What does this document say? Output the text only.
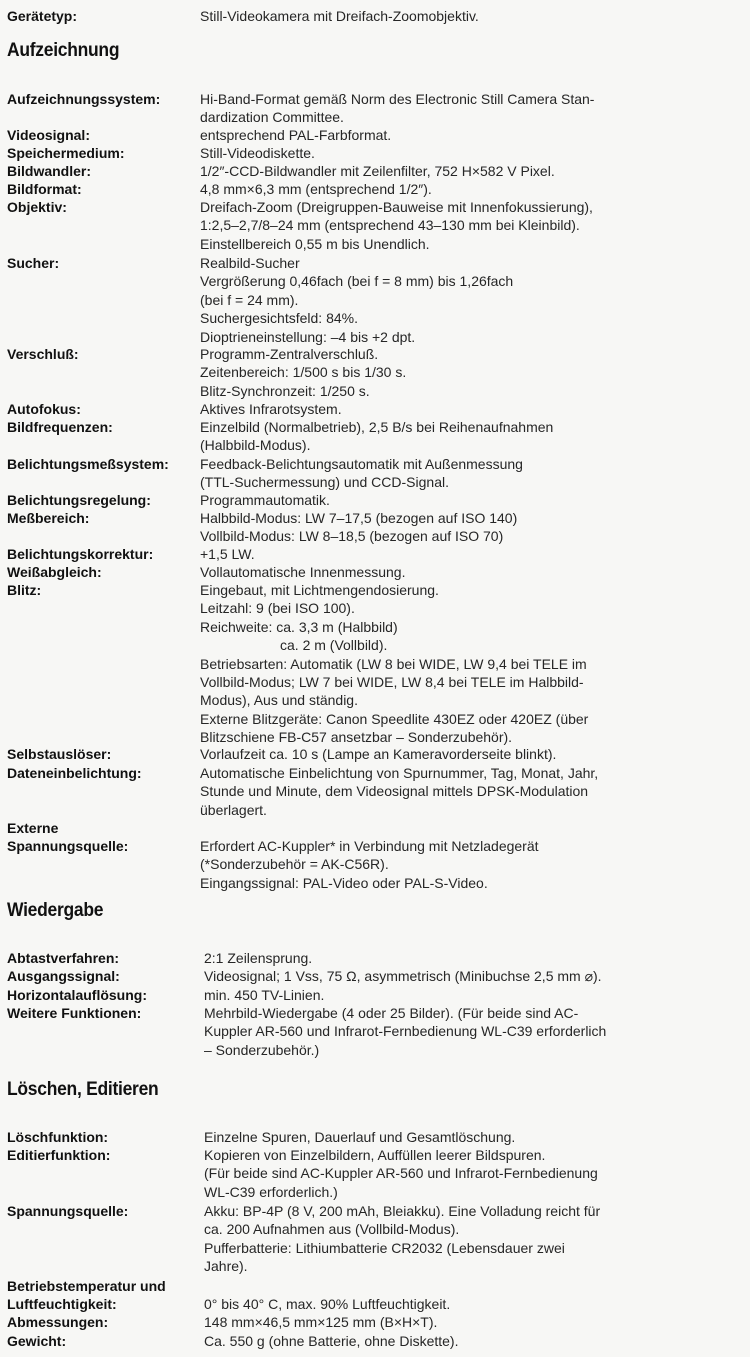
Gerätetyp:	Still-Videokamera mit Dreifach-Zoomobjektiv.
Aufzeichnung
Aufzeichnungssystem:	Hi-Band-Format gemäß Norm des Electronic Still Camera Stan-
dardization Committee.
Videosignal:	entsprechend PAL-Farbformat.
Speichermedium:	Still-Videodiskette.
Bildwandler:	1/2″-CCD-Bildwandler mit Zeilenfilter, 752 H×582 V Pixel.
Bildformat:	4,8 mm×6,3 mm (entsprechend 1/2″).
Objektiv:	Dreifach-Zoom (Dreigruppen-Bauweise mit Innenfokussierung),
1:2,5–2,7/8–24 mm (entsprechend 43–130 mm bei Kleinbild).
Einstellbereich 0,55 m bis Unendlich.
Sucher:	Realbild-Sucher
Vergrößerung 0,46fach (bei f = 8 mm) bis 1,26fach
(bei f = 24 mm).
Suchergesichtsfeld: 84%.
Dioptrieneinstellung: –4 bis +2 dpt.
Verschluß:	Programm-Zentralverschluß.
Zeitenbereich: 1/500 s bis 1/30 s.
Blitz-Synchronzeit: 1/250 s.
Autofokus:	Aktives Infrarotsystem.
Bildfrequenzen:	Einzelbild (Normalbetrieb), 2,5 B/s bei Reihenaufnahmen
(Halbbild-Modus).
Belichtungsmeßsystem: Feedback-Belichtungsautomatik mit Außenmessung
(TTL-Suchermessung) und CCD-Signal.
Belichtungsregelung:	Programmautomatik.
Meßbereich:	Halbbild-Modus: LW 7–17,5 (bezogen auf ISO 140)
Vollbild-Modus: LW 8–18,5 (bezogen auf ISO 70)
Belichtungskorrektur:	+1,5 LW.
Weißabgleich:	Vollautomatische Innenmessung.
Blitz:	Eingebaut, mit Lichtmengendosierung.
Leitzahl: 9 (bei ISO 100).
Reichweite: ca. 3,3 m (Halbbild)
ca. 2 m (Vollbild).
Betriebsarten: Automatik (LW 8 bei WIDE, LW 9,4 bei TELE im
Vollbild-Modus; LW 7 bei WIDE, LW 8,4 bei TELE im Halbbild-
Modus), Aus und ständig.
Externe Blitzgeräte: Canon Speedlite 430EZ oder 420EZ (über
Blitzschiene FB-C57 ansetzbar – Sonderzubehör).
Selbstauslöser:	Vorlaufzeit ca. 10 s (Lampe an Kameravorderseite blinkt).
Dateneinbelichtung:	Automatische Einbelichtung von Spurnummer, Tag, Monat, Jahr,
Stunde und Minute, dem Videosignal mittels DPSK-Modulation
überlagert.
Externe
Spannungsquelle:	Erfordert AC-Kuppler* in Verbindung mit Netzladegerät
(*Sonderzubehör = AK-C56R).
Eingangssignal: PAL-Video oder PAL-S-Video.
Wiedergabe
Abtastverfahren:	2:1 Zeilensprung.
Ausgangssignal:	Videosignal; 1 Vss, 75 Ω, asymmetrisch (Minibuchse 2,5 mm ⌀).
Horizontalauflösung:	min. 450 TV-Linien.
Weitere Funktionen:	Mehrbild-Wiedergabe (4 oder 25 Bilder). (Für beide sind AC-
Kuppler AR-560 und Infrarot-Fernbedienung WL-C39 erforderlich
– Sonderzubehör.)
Löschen, Editieren
Löschfunktion:	Einzelne Spuren, Dauerlauf und Gesamtlöschung.
Editierfunktion:	Kopieren von Einzelbildern, Auffüllen leerer Bildspuren.
(Für beide sind AC-Kuppler AR-560 und Infrarot-Fernbedienung
WL-C39 erforderlich.)
Spannungsquelle:	Akku: BP-4P (8 V, 200 mAh, Bleiakku). Eine Volladung reicht für
ca. 200 Aufnahmen aus (Vollbild-Modus).
Pufferbatterie: Lithiumbatterie CR2032 (Lebensdauer zwei
Jahre).
Betriebstemperatur und
Luftfeuchtigkeit:	0° bis 40° C, max. 90% Luftfeuchtigkeit.
Abmessungen:	148 mm×46,5 mm×125 mm (B×H×T).
Gewicht:	Ca. 550 g (ohne Batterie, ohne Diskette).
